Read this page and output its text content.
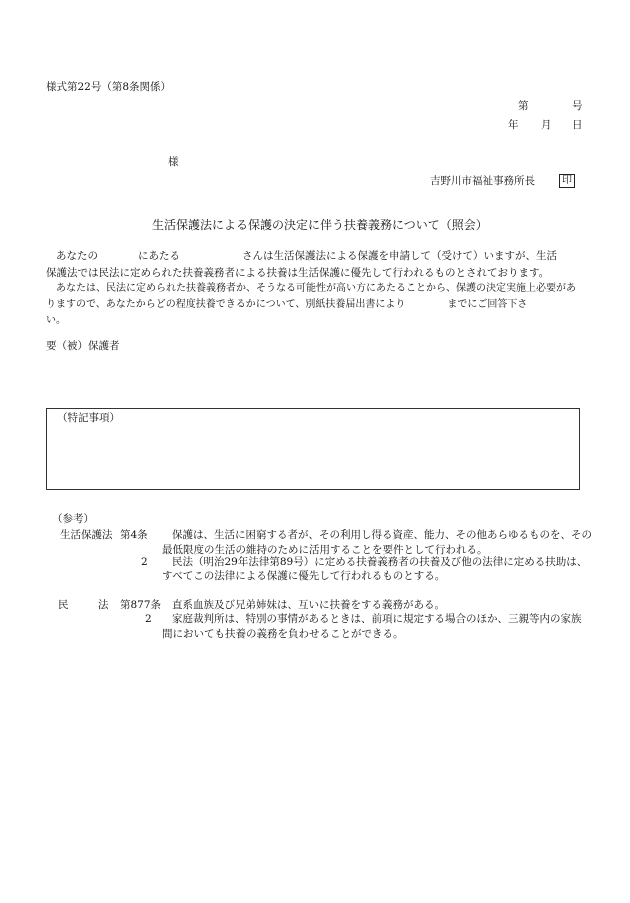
様式第22号（第8条関係）
第	号
年 月 日
様
吉野川市福祉事務所長	印
生活保護法による保護の決定に伴う扶養義務について（照会）
あなたの	にあたる	さんは生活保護法による保護を申請して（受けて）いますが、生活
保護法では民法に定められた扶養義務者による扶養は生活保護に優先して行われるものとされております。
あなたは、民法に定められた扶養義務者か、そうなる可能性が高い方にあたることから、保護の決定実施上必要があ
りますので、あなたからどの程度扶養できるかについて、別紙扶養届出書により	までにご回答下さ
い。
要（被）保護者
（特記事項）
（参考）
生活保護法 第4条 保護は、生活に困窮する者が、その利用し得る資産、能力、その他あらゆるものを、その
最低限度の生活の維持のために活用することを要件として行われる。
2 民法（明治29年法律第89号）に定める扶養義務者の扶養及び他の法律に定める扶助は、
すべてこの法律による保護に優先して行われるものとする。
民	法 第877条 直系血族及び兄弟姉妹は、互いに扶養をする義務がある。
2 家庭裁判所は、特別の事情があるときは、前項に規定する場合のほか、三親等内の家族
間においても扶養の義務を負わせることができる。
